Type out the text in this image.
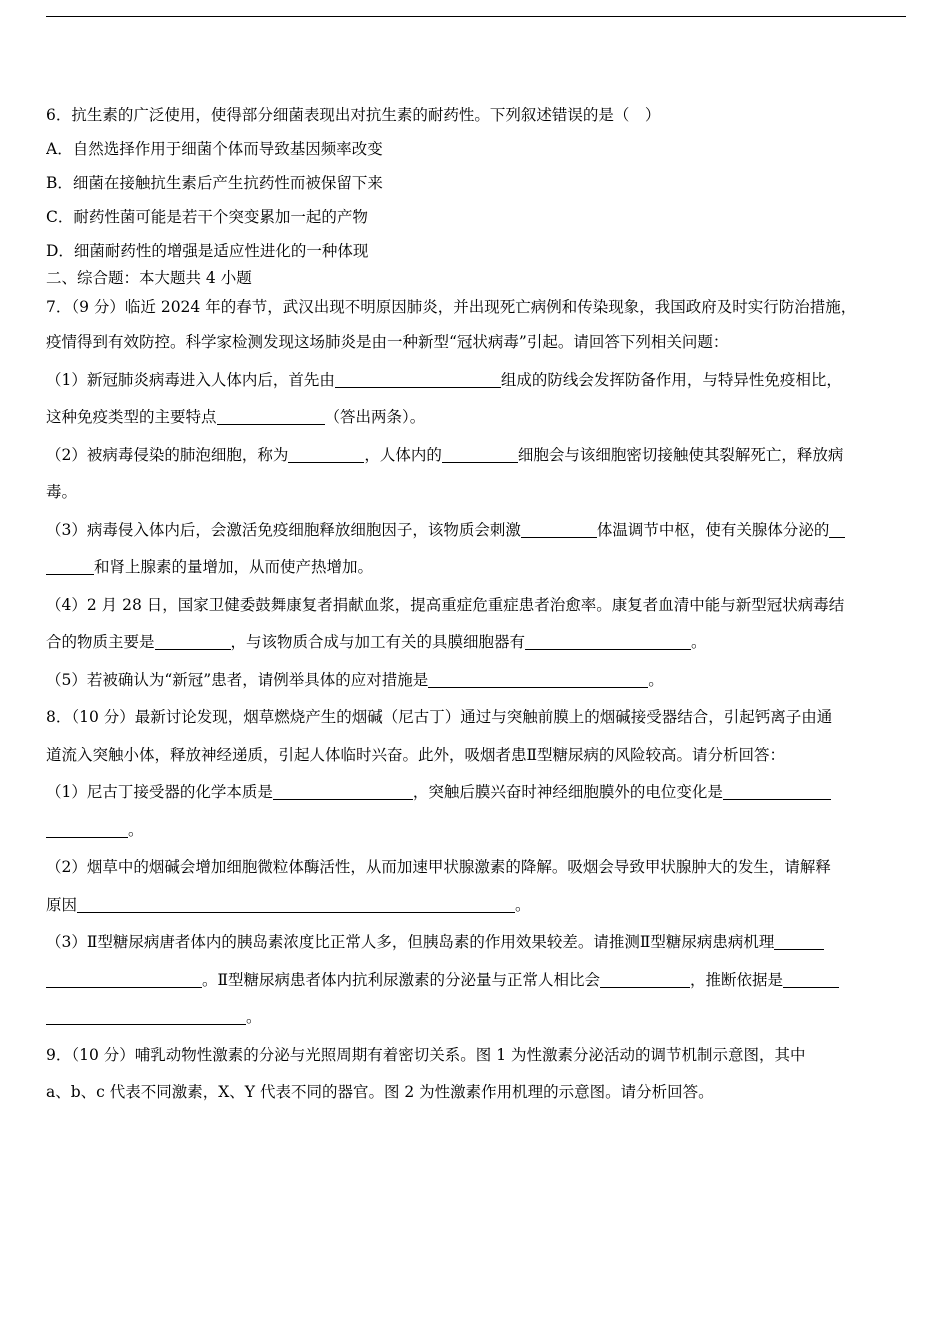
6．抗生素的广泛使用，使得部分细菌表现出对抗生素的耐药性。下列叙述错误的是（　）
A．自然选择作用于细菌个体而导致基因频率改变
B．细菌在接触抗生素后产生抗药性而被保留下来
C．耐药性菌可能是若干个突变累加一起的产物
D．细菌耐药性的增强是适应性进化的一种体现
二、综合题：本大题共 4 小题
7．（9 分）临近 2024 年的春节，武汉出现不明原因肺炎，并出现死亡病例和传染现象，我国政府及时实行防治措施，
疫情得到有效防控。科学家检测发现这场肺炎是由一种新型“冠状病毒”引起。请回答下列相关问题：
（1）新冠肺炎病毒进入人体内后，首先由	组成的防线会发挥防备作用，与特异性免疫相比，
这种免疫类型的主要特点	（答出两条）。
（2）被病毒侵染的肺泡细胞，称为	，人体内的	细胞会与该细胞密切接触使其裂解死亡，释放病
毒。
（3）病毒侵入体内后，会激活免疫细胞释放细胞因子，该物质会刺激	体温调节中枢，使有关腺体分泌的
和肾上腺素的量增加，从而使产热增加。
（4）2 月 28 日，国家卫健委鼓舞康复者捐献血浆，提高重症危重症患者治愈率。康复者血清中能与新型冠状病毒结
合的物质主要是	，与该物质合成与加工有关的具膜细胞器有	。
（5）若被确认为“新冠”患者，请例举具体的应对措施是	。
8．（10 分）最新讨论发现，烟草燃烧产生的烟碱（尼古丁）通过与突触前膜上的烟碱接受器结合，引起钙离子由通
道流入突触小体，释放神经递质，引起人体临时兴奋。此外，吸烟者患Ⅱ型糖尿病的风险较高。请分析回答：
（1）尼古丁接受器的化学本质是	，突触后膜兴奋时神经细胞膜外的电位变化是
。
（2）烟草中的烟碱会增加细胞微粒体酶活性，从而加速甲状腺激素的降解。吸烟会导致甲状腺肿大的发生，请解释
原因	。
（3）Ⅱ型糖尿病唐者体内的胰岛素浓度比正常人多，但胰岛素的作用效果较差。请推测Ⅱ型糖尿病患病机理
。Ⅱ型糖尿病患者体内抗利尿激素的分泌量与正常人相比会	，推断依据是
。
9．（10 分）哺乳动物性激素的分泌与光照周期有着密切关系。图 1 为性激素分泌活动的调节机制示意图，其中
a、b、c 代表不同激素，X、Y 代表不同的器官。图 2 为性激素作用机理的示意图。请分析回答。
